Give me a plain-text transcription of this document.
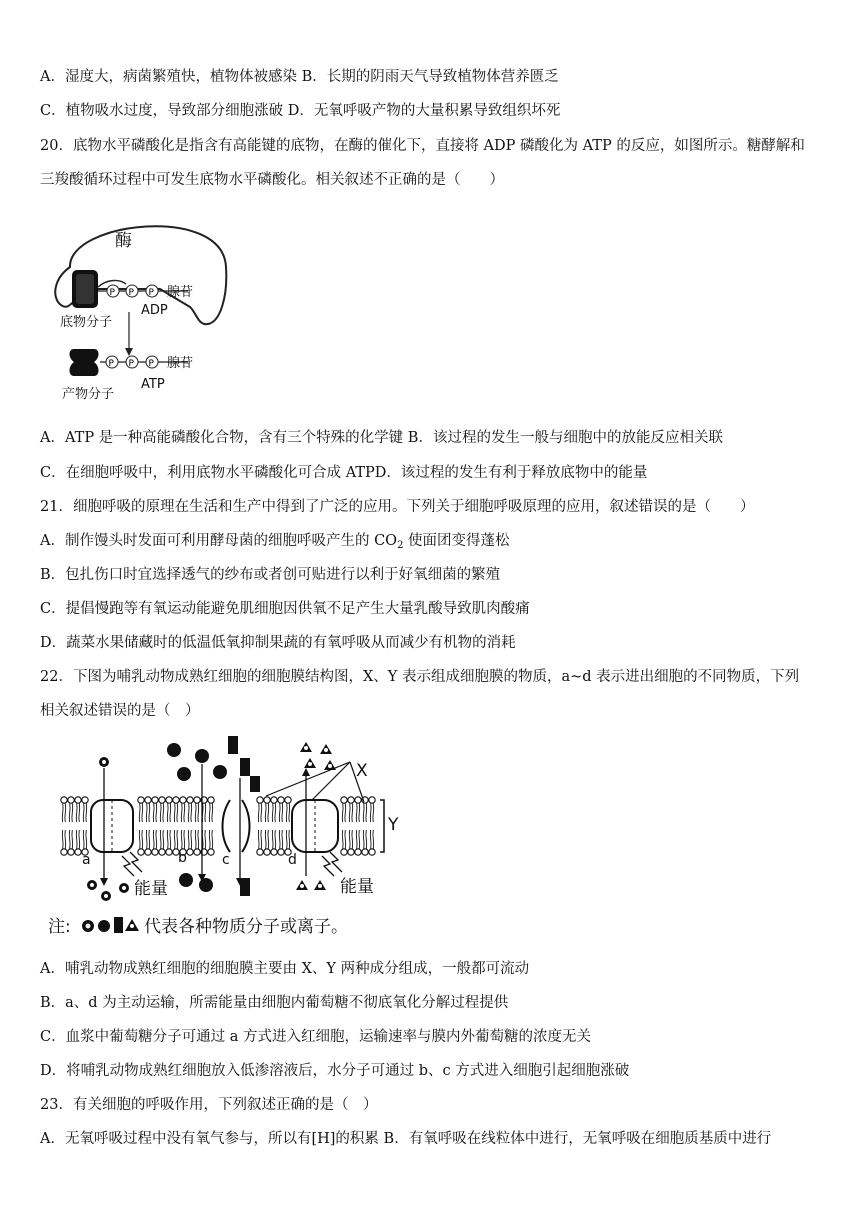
A．湿度大，病菌繁殖快，植物体被感染 B．长期的阴雨天气导致植物体营养匮乏
C．植物吸水过度，导致部分细胞涨破 D．无氧呼吸产物的大量积累导致组织坏死
20．底物水平磷酸化是指含有高能键的底物，在酶的催化下，直接将 ADP 磷酸化为 ATP 的反应，如图所示。糖酵解和
三羧酸循环过程中可发生底物水平磷酸化。相关叙述不正确的是（　　）
酶
P P P 腺苷
底物分子
ADP
P P P 腺苷
ATP
产物分子
A．ATP 是一种高能磷酸化合物，含有三个特殊的化学键 B．该过程的发生一般与细胞中的放能反应相关联
C．在细胞呼吸中，利用底物水平磷酸化可合成 ATPD．该过程的发生有利于释放底物中的能量
21．细胞呼吸的原理在生活和生产中得到了广泛的应用。下列关于细胞呼吸原理的应用，叙述错误的是（　　）
A．制作馒头时发面可利用酵母菌的细胞呼吸产生的 $CO_2$ 使面团变得蓬松
B．包扎伤口时宜选择透气的纱布或者创可贴进行以利于好氧细菌的繁殖
C．提倡慢跑等有氧运动能避免肌细胞因供氧不足产生大量乳酸导致肌肉酸痛
D．蔬菜水果储藏时的低温低氧抑制果蔬的有氧呼吸从而减少有机物的消耗
22．下图为哺乳动物成熟红细胞的细胞膜结构图，X、Y 表示组成细胞膜的物质，a~d 表示进出细胞的不同物质，下列
相关叙述错误的是（　）
Y
X
a
能量
b	c	d
能量
注:	代表各种物质分子或离子。
A．哺乳动物成熟红细胞的细胞膜主要由 X、Y 两种成分组成，一般都可流动
B．a、d 为主动运输，所需能量由细胞内葡萄糖不彻底氧化分解过程提供
C．血浆中葡萄糖分子可通过 a 方式进入红细胞，运输速率与膜内外葡萄糖的浓度无关
D．将哺乳动物成熟红细胞放入低渗溶液后，水分子可通过 b、c 方式进入细胞引起细胞涨破
23．有关细胞的呼吸作用，下列叙述正确的是（　）
A．无氧呼吸过程中没有氧气参与，所以有[H]的积累 B．有氧呼吸在线粒体中进行，无氧呼吸在细胞质基质中进行
